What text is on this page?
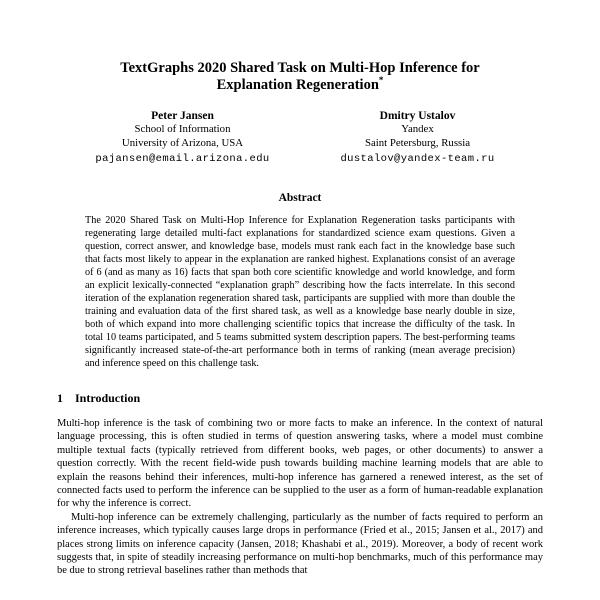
TextGraphs 2020 Shared Task on Multi-Hop Inference for
Explanation Regeneration*
Peter Jansen
School of Information
University of Arizona, USA
pajansen@email.arizona.edu
Dmitry Ustalov
Yandex
Saint Petersburg, Russia
dustalov@yandex-team.ru
Abstract

The 2020 Shared Task on Multi-Hop Inference for Explanation Regeneration tasks participants with regenerating large detailed multi-fact explanations for standardized science exam questions. Given a question, correct answer, and knowledge base, models must rank each fact in the knowledge base such that facts most likely to appear in the explanation are ranked highest. Explanations consist of an average of 6 (and as many as 16) facts that span both core scientific knowledge and world knowledge, and form an explicit lexically-connected “explanation graph” describing how the facts interrelate. In this second iteration of the explanation regeneration shared task, participants are supplied with more than double the training and evaluation data of the first shared task, as well as a knowledge base nearly double in size, both of which expand into more challenging scientific topics that increase the difficulty of the task. In total 10 teams participated, and 5 teams submitted system description papers. The best-performing teams significantly increased state-of-the-art performance both in terms of ranking (mean average precision) and inference speed on this challenge task.

1 Introduction

Multi-hop inference is the task of combining two or more facts to make an inference. In the context of natural language processing, this is often studied in terms of question answering tasks, where a model must combine multiple textual facts (typically retrieved from different books, web pages, or other documents) to answer a question correctly. With the recent field-wide push towards building machine learning models that are able to explain the reasons behind their inferences, multi-hop inference has garnered a renewed interest, as the set of connected facts used to perform the inference can be supplied to the user as a form of human-readable explanation for why the inference is correct.

Multi-hop inference can be extremely challenging, particularly as the number of facts required to perform an inference increases, which typically causes large drops in performance (Fried et al., 2015; Jansen et al., 2017) and places strong limits on inference capacity (Jansen, 2018; Khashabi et al., 2019). Moreover, a body of recent work suggests that, in spite of steadily increasing performance on multi-hop benchmarks, much of this performance may be due to strong retrieval baselines rather than methods that
